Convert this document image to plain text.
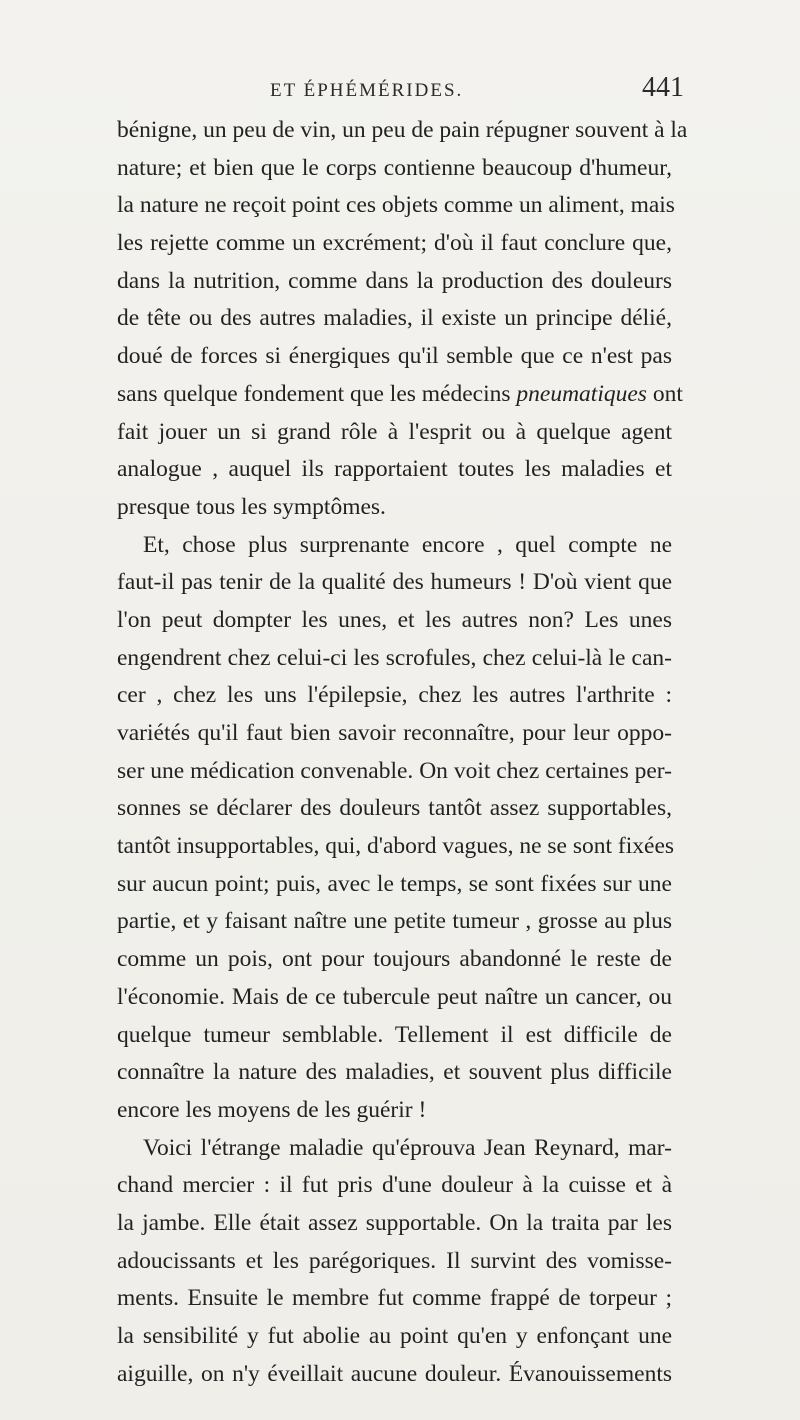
ET ÉPHÉMÉRIDES.	441
bénigne, un peu de vin, un peu de pain répugner souvent à la
nature; et bien que le corps contienne beaucoup d'humeur,
la nature ne reçoit point ces objets comme un aliment, mais
les rejette comme un excrément; d'où il faut conclure que,
dans la nutrition, comme dans la production des douleurs
de tête ou des autres maladies, il existe un principe délié,
doué de forces si énergiques qu'il semble que ce n'est pas
sans quelque fondement que les médecins pneumatiques ont
fait jouer un si grand rôle à l'esprit ou à quelque agent
analogue , auquel ils rapportaient toutes les maladies et
presque tous les symptômes.
Et, chose plus surprenante encore , quel compte ne
faut-il pas tenir de la qualité des humeurs ! D'où vient que
l'on peut dompter les unes, et les autres non? Les unes
engendrent chez celui-ci les scrofules, chez celui-là le can-
cer , chez les uns l'épilepsie, chez les autres l'arthrite :
variétés qu'il faut bien savoir reconnaître, pour leur oppo-
ser une médication convenable. On voit chez certaines per-
sonnes se déclarer des douleurs tantôt assez supportables,
tantôt insupportables, qui, d'abord vagues, ne se sont fixées
sur aucun point; puis, avec le temps, se sont fixées sur une
partie, et y faisant naître une petite tumeur , grosse au plus
comme un pois, ont pour toujours abandonné le reste de
l'économie. Mais de ce tubercule peut naître un cancer, ou
quelque tumeur semblable. Tellement il est difficile de
connaître la nature des maladies, et souvent plus difficile
encore les moyens de les guérir !
Voici l'étrange maladie qu'éprouva Jean Reynard, mar-
chand mercier : il fut pris d'une douleur à la cuisse et à
la jambe. Elle était assez supportable. On la traita par les
adoucissants et les parégoriques. Il survint des vomisse-
ments. Ensuite le membre fut comme frappé de torpeur ;
la sensibilité y fut abolie au point qu'en y enfonçant une
aiguille, on n'y éveillait aucune douleur. Évanouissements
